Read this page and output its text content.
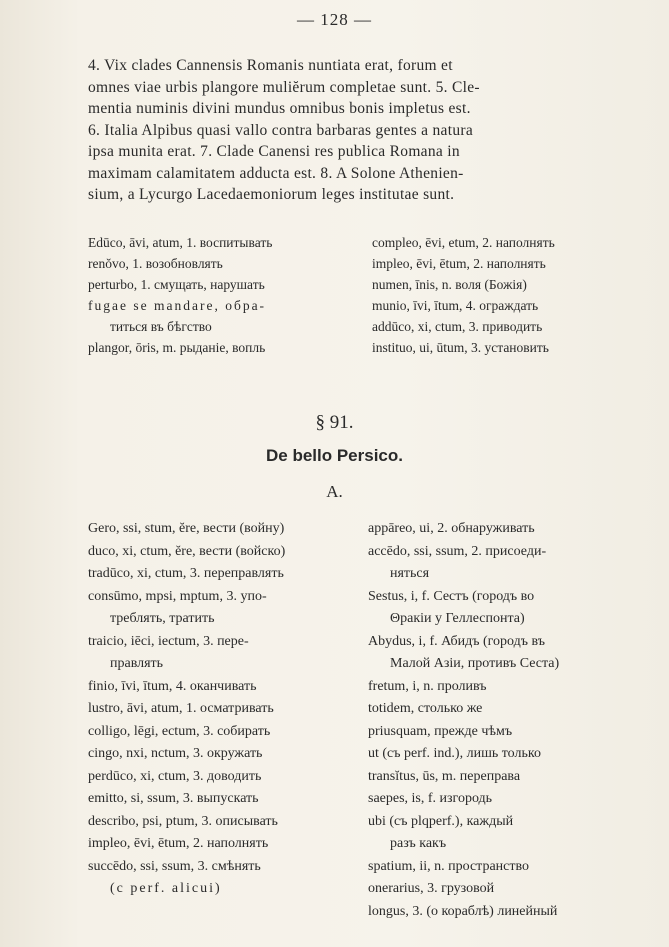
— 128 —
4. Vix clades Cannensis Romanis nuntiata erat, forum et
omnes viae urbis plangore muliĕrum completae sunt. 5. Cle-
mentia numinis divini mundus omnibus bonis impletus est.
6. Italia Alpibus quasi vallo contra barbaras gentes a natura
ipsa munita erat. 7. Clade Canensi res publica Romana in
maximam calamitatem adducta est. 8. A Solone Athenien-
sium, a Lycurgo Lacedaemoniorum leges institutae sunt.
Edūco, āvi, atum, 1. воспитывать
renŏvo, 1. возобновлять
perturbo, 1. смущать, нарушать
fugae se mandare, обра-
титься въ бѣгство
plangor, ōris, m. рыданіе, вопль
compleo, ēvi, etum, 2. наполнять
impleo, ēvi, ētum, 2. наполнять
numen, īnis, n. воля (Божія)
munio, īvi, ītum, 4. ограждать
addūco, xi, ctum, 3. приводить
instituo, ui, ūtum, 3. установить
§ 91.
De bello Persico.
A.
Gero, ssi, stum, ĕre, вести (войну)
duco, xi, ctum, ĕre, вести (войско)
tradūco, xi, ctum, 3. переправлять
consūmo, mpsi, mptum, 3. упо-
треблять, тратить
traicio, iēci, iectum, 3. пере-
правлять
finio, īvi, ītum, 4. оканчивать
lustro, āvi, atum, 1. осматривать
colligo, lēgi, ectum, 3. собирать
cingo, nxi, nctum, 3. окружать
perdūco, xi, ctum, 3. доводить
emitto, si, ssum, 3. выпускать
describo, psi, ptum, 3. описывать
impleo, ēvi, ētum, 2. наполнять
succēdo, ssi, ssum, 3. смѣнять
(с perf. alicui)
appāreo, ui, 2. обнаруживать
accēdo, ssi, ssum, 2. присоеди-
няться
Sestus, i, f. Сеcтъ (городъ во
Θракіи у Геллеспонта)
Abydus, i, f. Абидъ (городъ въ
Малой Азіи, противъ Сеста)
fretum, i, n. проливъ
totidem, столько же
priusquam, прежде чѣмъ
ut (съ perf. ind.), лишь только
transĭtus, ūs, m. переправа
saepes, is, f. изгородь
ubi (съ plqperf.), каждый
разъ какъ
spatium, ii, n. пространство
onerarius, 3. грузовой
longus, 3. (о кораблѣ) линейный
